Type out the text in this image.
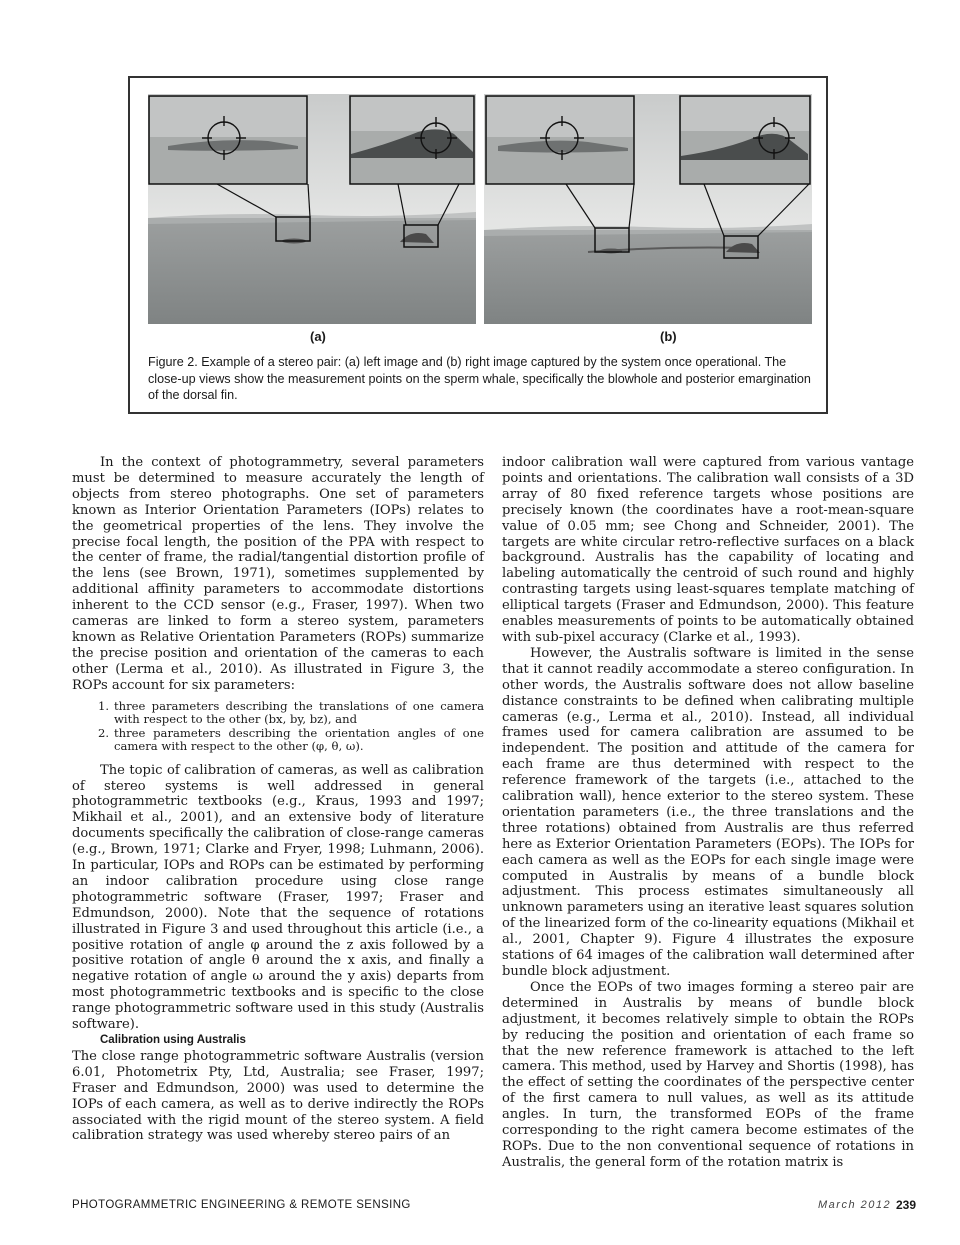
(a)	(b)

Figure 2. Example of a stereo pair: (a) left image and (b) right image captured by the system once operational. The close-up views show the measurement points on the sperm whale, specifically the blowhole and posterior emargination of the dorsal fin.

In the context of photogrammetry, several parameters must be determined to measure accurately the length of objects from stereo photographs. One set of parameters known as Interior Orientation Parameters (IOPs) relates to the geometrical properties of the lens. They involve the precise focal length, the position of the PPA with respect to the center of frame, the radial/tangential distortion profile of the lens (see Brown, 1971), sometimes supplemented by additional affinity parameters to accommodate distortions inherent to the CCD sensor (e.g., Fraser, 1997). When two cameras are linked to form a stereo system, parameters known as Relative Orientation Parameters (ROPs) summarize the precise position and orientation of the cameras to each other (Lerma et al., 2010). As illustrated in Figure 3, the ROPs account for six parameters:

1. three parameters describing the translations of one camera with respect to the other (bx, by, bz), and
2. three parameters describing the orientation angles of one camera with respect to the other (φ, θ, ω).

The topic of calibration of cameras, as well as calibration of stereo systems is well addressed in general photogrammetric textbooks (e.g., Kraus, 1993 and 1997; Mikhail et al., 2001), and an extensive body of literature documents specifically the calibration of close-range cameras (e.g., Brown, 1971; Clarke and Fryer, 1998; Luhmann, 2006). In particular, IOPs and ROPs can be estimated by performing an indoor calibration procedure using close range photogrammetric software (Fraser, 1997; Fraser and Edmundson, 2000). Note that the sequence of rotations illustrated in Figure 3 and used throughout this article (i.e., a positive rotation of angle φ around the z axis followed by a positive rotation of angle θ around the x axis, and finally a negative rotation of angle ω around the y axis) departs from most photogrammetric textbooks and is specific to the close range photogrammetric software used in this study (Australis software).

Calibration using Australis

The close range photogrammetric software Australis (version 6.01, Photometrix Pty, Ltd, Australia; see Fraser, 1997; Fraser and Edmundson, 2000) was used to determine the IOPs of each camera, as well as to derive indirectly the ROPs associated with the rigid mount of the stereo system. A field calibration strategy was used whereby stereo pairs of an

indoor calibration wall were captured from various vantage points and orientations. The calibration wall consists of a 3D array of 80 fixed reference targets whose positions are precisely known (the coordinates have a root-mean-square value of 0.05 mm; see Chong and Schneider, 2001). The targets are white circular retro-reflective surfaces on a black background. Australis has the capability of locating and labeling automatically the centroid of such round and highly contrasting targets using least-squares template matching of elliptical targets (Fraser and Edmundson, 2000). This feature enables measurements of points to be automatically obtained with sub-pixel accuracy (Clarke et al., 1993).

However, the Australis software is limited in the sense that it cannot readily accommodate a stereo configuration. In other words, the Australis software does not allow baseline distance constraints to be defined when calibrating multiple cameras (e.g., Lerma et al., 2010). Instead, all individual frames used for camera calibration are assumed to be independent. The position and attitude of the camera for each frame are thus determined with respect to the reference framework of the targets (i.e., attached to the calibration wall), hence exterior to the stereo system. These orientation parameters (i.e., the three translations and the three rotations) obtained from Australis are thus referred here as Exterior Orientation Parameters (EOPs). The IOPs for each camera as well as the EOPs for each single image were computed in Australis by means of a bundle block adjustment. This process estimates simultaneously all unknown parameters using an iterative least squares solution of the linearized form of the co-linearity equations (Mikhail et al., 2001, Chapter 9). Figure 4 illustrates the exposure stations of 64 images of the calibration wall determined after bundle block adjustment.

Once the EOPs of two images forming a stereo pair are determined in Australis by means of bundle block adjustment, it becomes relatively simple to obtain the ROPs by reducing the position and orientation of each frame so that the new reference framework is attached to the left camera. This method, used by Harvey and Shortis (1998), has the effect of setting the coordinates of the perspective center of the first camera to null values, as well as its attitude angles. In turn, the transformed EOPs of the frame corresponding to the right camera become estimates of the ROPs. Due to the non conventional sequence of rotations in Australis, the general form of the rotation matrix is

PHOTOGRAMMETRIC ENGINEERING & REMOTE SENSING	March 2012 239
